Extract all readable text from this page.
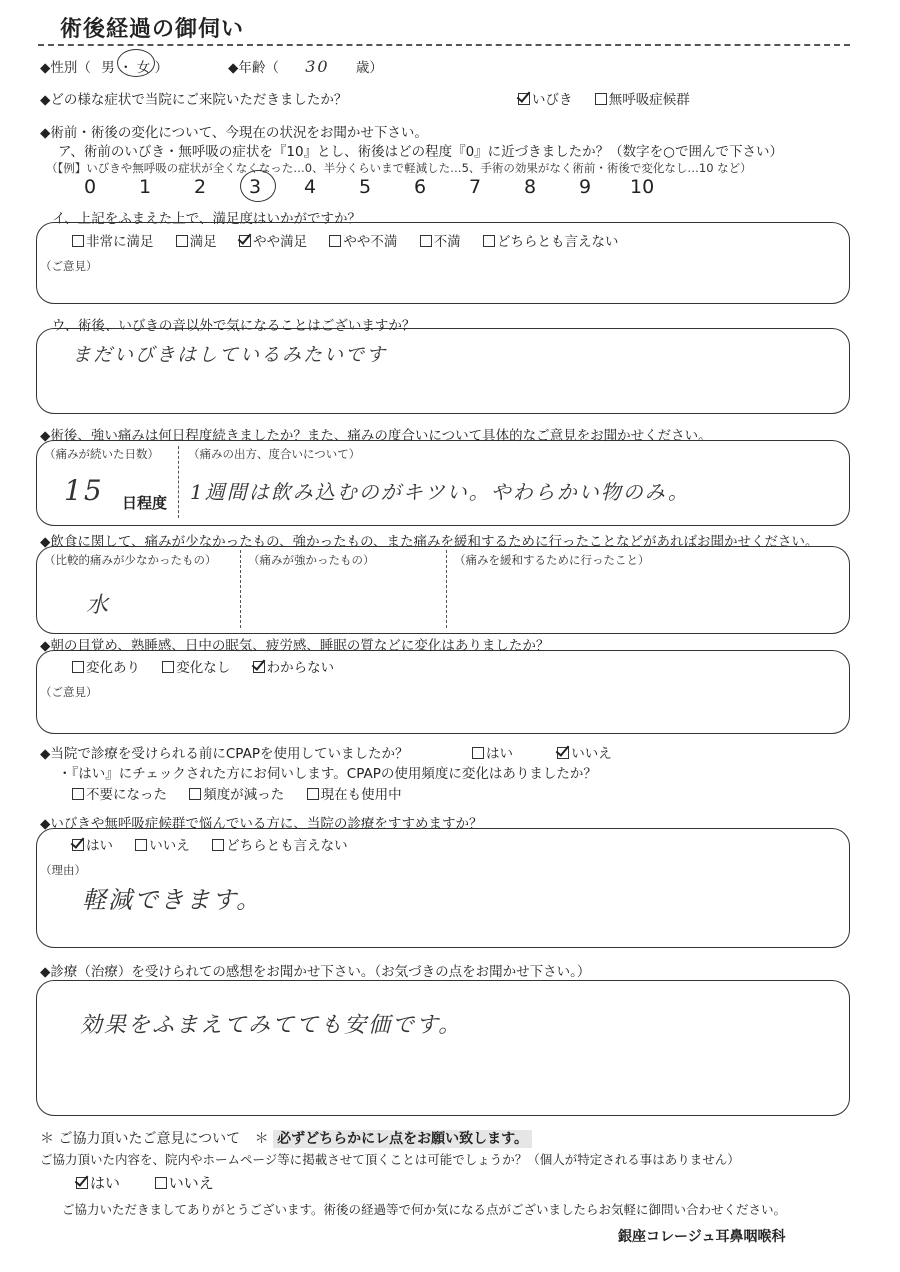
術後経過の御伺い
◆性別（ 男 ・ 女 ）	◆年齢（ 30 歳）
◆どの様な症状で当院にご来院いただきましたか？	いびき	無呼吸症候群
◆術前・術後の変化について、今現在の状況をお聞かせ下さい。
ア、術前のいびき・無呼吸の症状を『10』とし、術後はどの程度『0』に近づきましたか？（数字を○で囲んで下さい）
（【例】いびきや無呼吸の症状が全くなくなった…0、半分くらいまで軽減した…5、手術の効果がなく術前・術後で変化なし…10 など）
0 1 2 3 4 5 6 7 8 9 10
イ、上記をふまえた上で、満足度はいかがですか？
非常に満足	満足	やや満足	やや不満	不満	どちらとも言えない
（ご意見）
ウ、術後、いびきの音以外で気になることはございますか？
まだいびきはしているみたいです
◆術後、強い痛みは何日程度続きましたか？また、痛みの度合いについて具体的なご意見をお聞かせください。
（痛みが続いた日数）
15 日程度
（痛みの出方、度合いについて）
1週間は飲み込むのがキツい。やわらかい物のみ。
◆飲食に関して、痛みが少なかったもの、強かったもの、また痛みを緩和するために行ったことなどがあればお聞かせください。
（比較的痛みが少なかったもの）
水
（痛みが強かったもの）	（痛みを緩和するために行ったこと）
◆朝の目覚め、熟睡感、日中の眠気、疲労感、睡眠の質などに変化はありましたか？
変化あり	変化なし	わからない
（ご意見）
◆当院で診療を受けられる前にCPAPを使用していましたか？	はい	いいえ
・『はい』にチェックされた方にお伺いします。CPAPの使用頻度に変化はありましたか？
不要になった	頻度が減った	現在も使用中
◆いびきや無呼吸症候群で悩んでいる方に、当院の診療をすすめますか？
はい	いいえ	どちらとも言えない
（理由）
軽減できます。
◆診療（治療）を受けられての感想をお聞かせ下さい。（お気づきの点をお聞かせ下さい。）
効果をふまえてみてても安価です。
＊ ご協力頂いたご意見について ＊ 必ずどちらかにレ点をお願い致します。
ご協力頂いた内容を、院内やホームページ等に掲載させて頂くことは可能でしょうか？（個人が特定される事はありません）
はい	いいえ
ご協力いただきましてありがとうございます。術後の経過等で何か気になる点がございましたらお気軽に御問い合わせください。
銀座コレージュ耳鼻咽喉科
